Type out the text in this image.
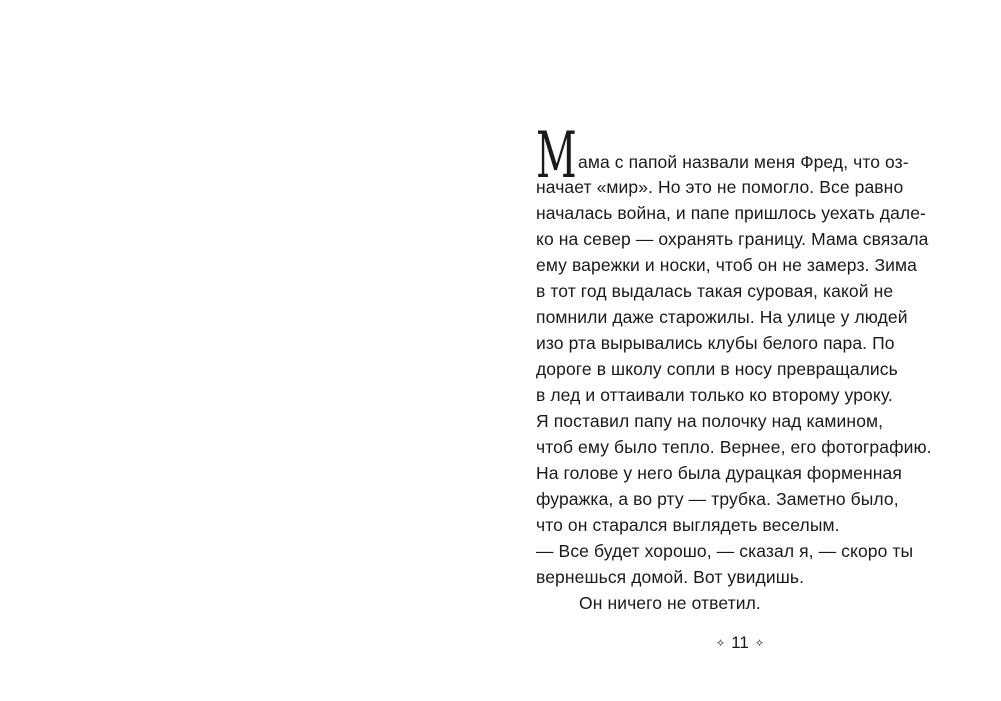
М ама с папой назвали меня Фред, что оз-
начает «мир». Но это не помогло. Все равно
началась война, и папе пришлось уехать дале-
ко на север — охранять границу. Мама связала
ему варежки и носки, чтоб он не замерз. Зима
в тот год выдалась такая суровая, какой не
помнили даже старожилы. На улице у людей
изо рта вырывались клубы белого пара. По
дороге в школу сопли в носу превращались
в лед и оттаивали только ко второму уроку.
Я поставил папу на полочку над камином,
чтоб ему было тепло. Вернее, его фотографию.
На голове у него была дурацкая форменная
фуражка, а во рту — трубка. Заметно было,
что он старался выглядеть веселым.
— Все будет хорошо, — сказал я, — скоро ты
вернешься домой. Вот увидишь.
Он ничего не ответил.
⟡ 11 ⟡
